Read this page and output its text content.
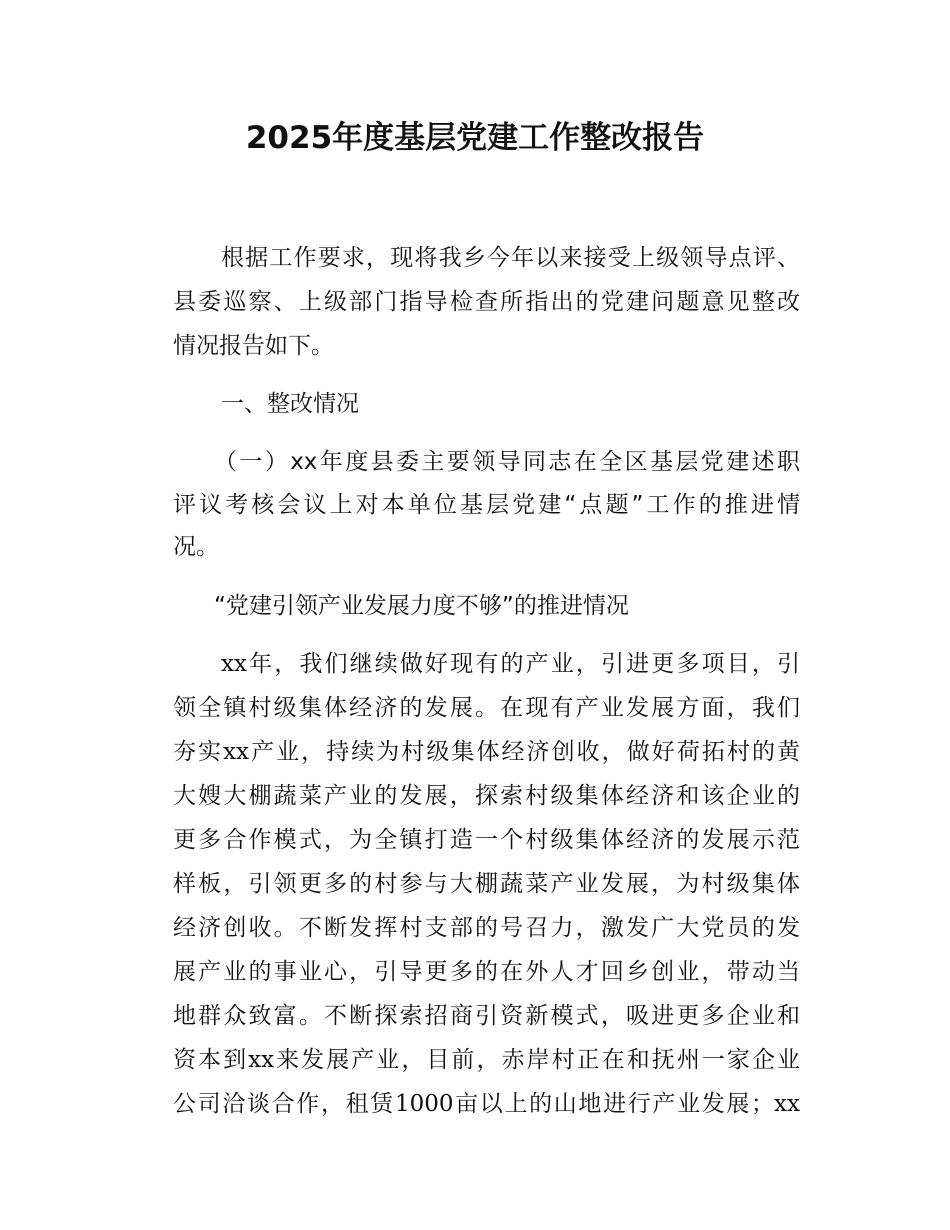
2025年度基层党建工作整改报告
根据工作要求，现将我乡今年以来接受上级领导点评、
县委巡察、上级部门指导检查所指出的党建问题意见整改
情况报告如下。
一、整改情况
（一）xx年度县委主要领导同志在全区基层党建述职
评议考核会议上对本单位基层党建“点题”工作的推进情
况。
“党建引领产业发展力度不够”的推进情况
xx年，我们继续做好现有的产业，引进更多项目，引
领全镇村级集体经济的发展。在现有产业发展方面，我们
夯实xx产业，持续为村级集体经济创收，做好荷拓村的黄
大嫂大棚蔬菜产业的发展，探索村级集体经济和该企业的
更多合作模式，为全镇打造一个村级集体经济的发展示范
样板，引领更多的村参与大棚蔬菜产业发展，为村级集体
经济创收。不断发挥村支部的号召力，激发广大党员的发
展产业的事业心，引导更多的在外人才回乡创业，带动当
地群众致富。不断探索招商引资新模式，吸进更多企业和
资本到xx来发展产业，目前，赤岸村正在和抚州一家企业
公司洽谈合作，租赁1000亩以上的山地进行产业发展；xx
